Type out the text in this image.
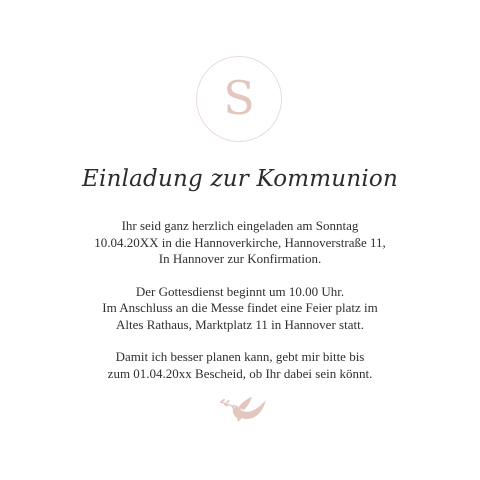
S
Einladung zur Kommunion

Ihr seid ganz herzlich eingeladen am Sonntag
10.04.20XX in die Hannoverkirche, Hannoverstraße 11,
In Hannover zur Konfirmation.

Der Gottesdienst beginnt um 10.00 Uhr.
Im Anschluss an die Messe findet eine Feier platz im
Altes Rathaus, Marktplatz 11 in Hannover statt.

Damit ich besser planen kann, gebt mir bitte bis
zum 01.04.20xx Bescheid, ob Ihr dabei sein könnt.
